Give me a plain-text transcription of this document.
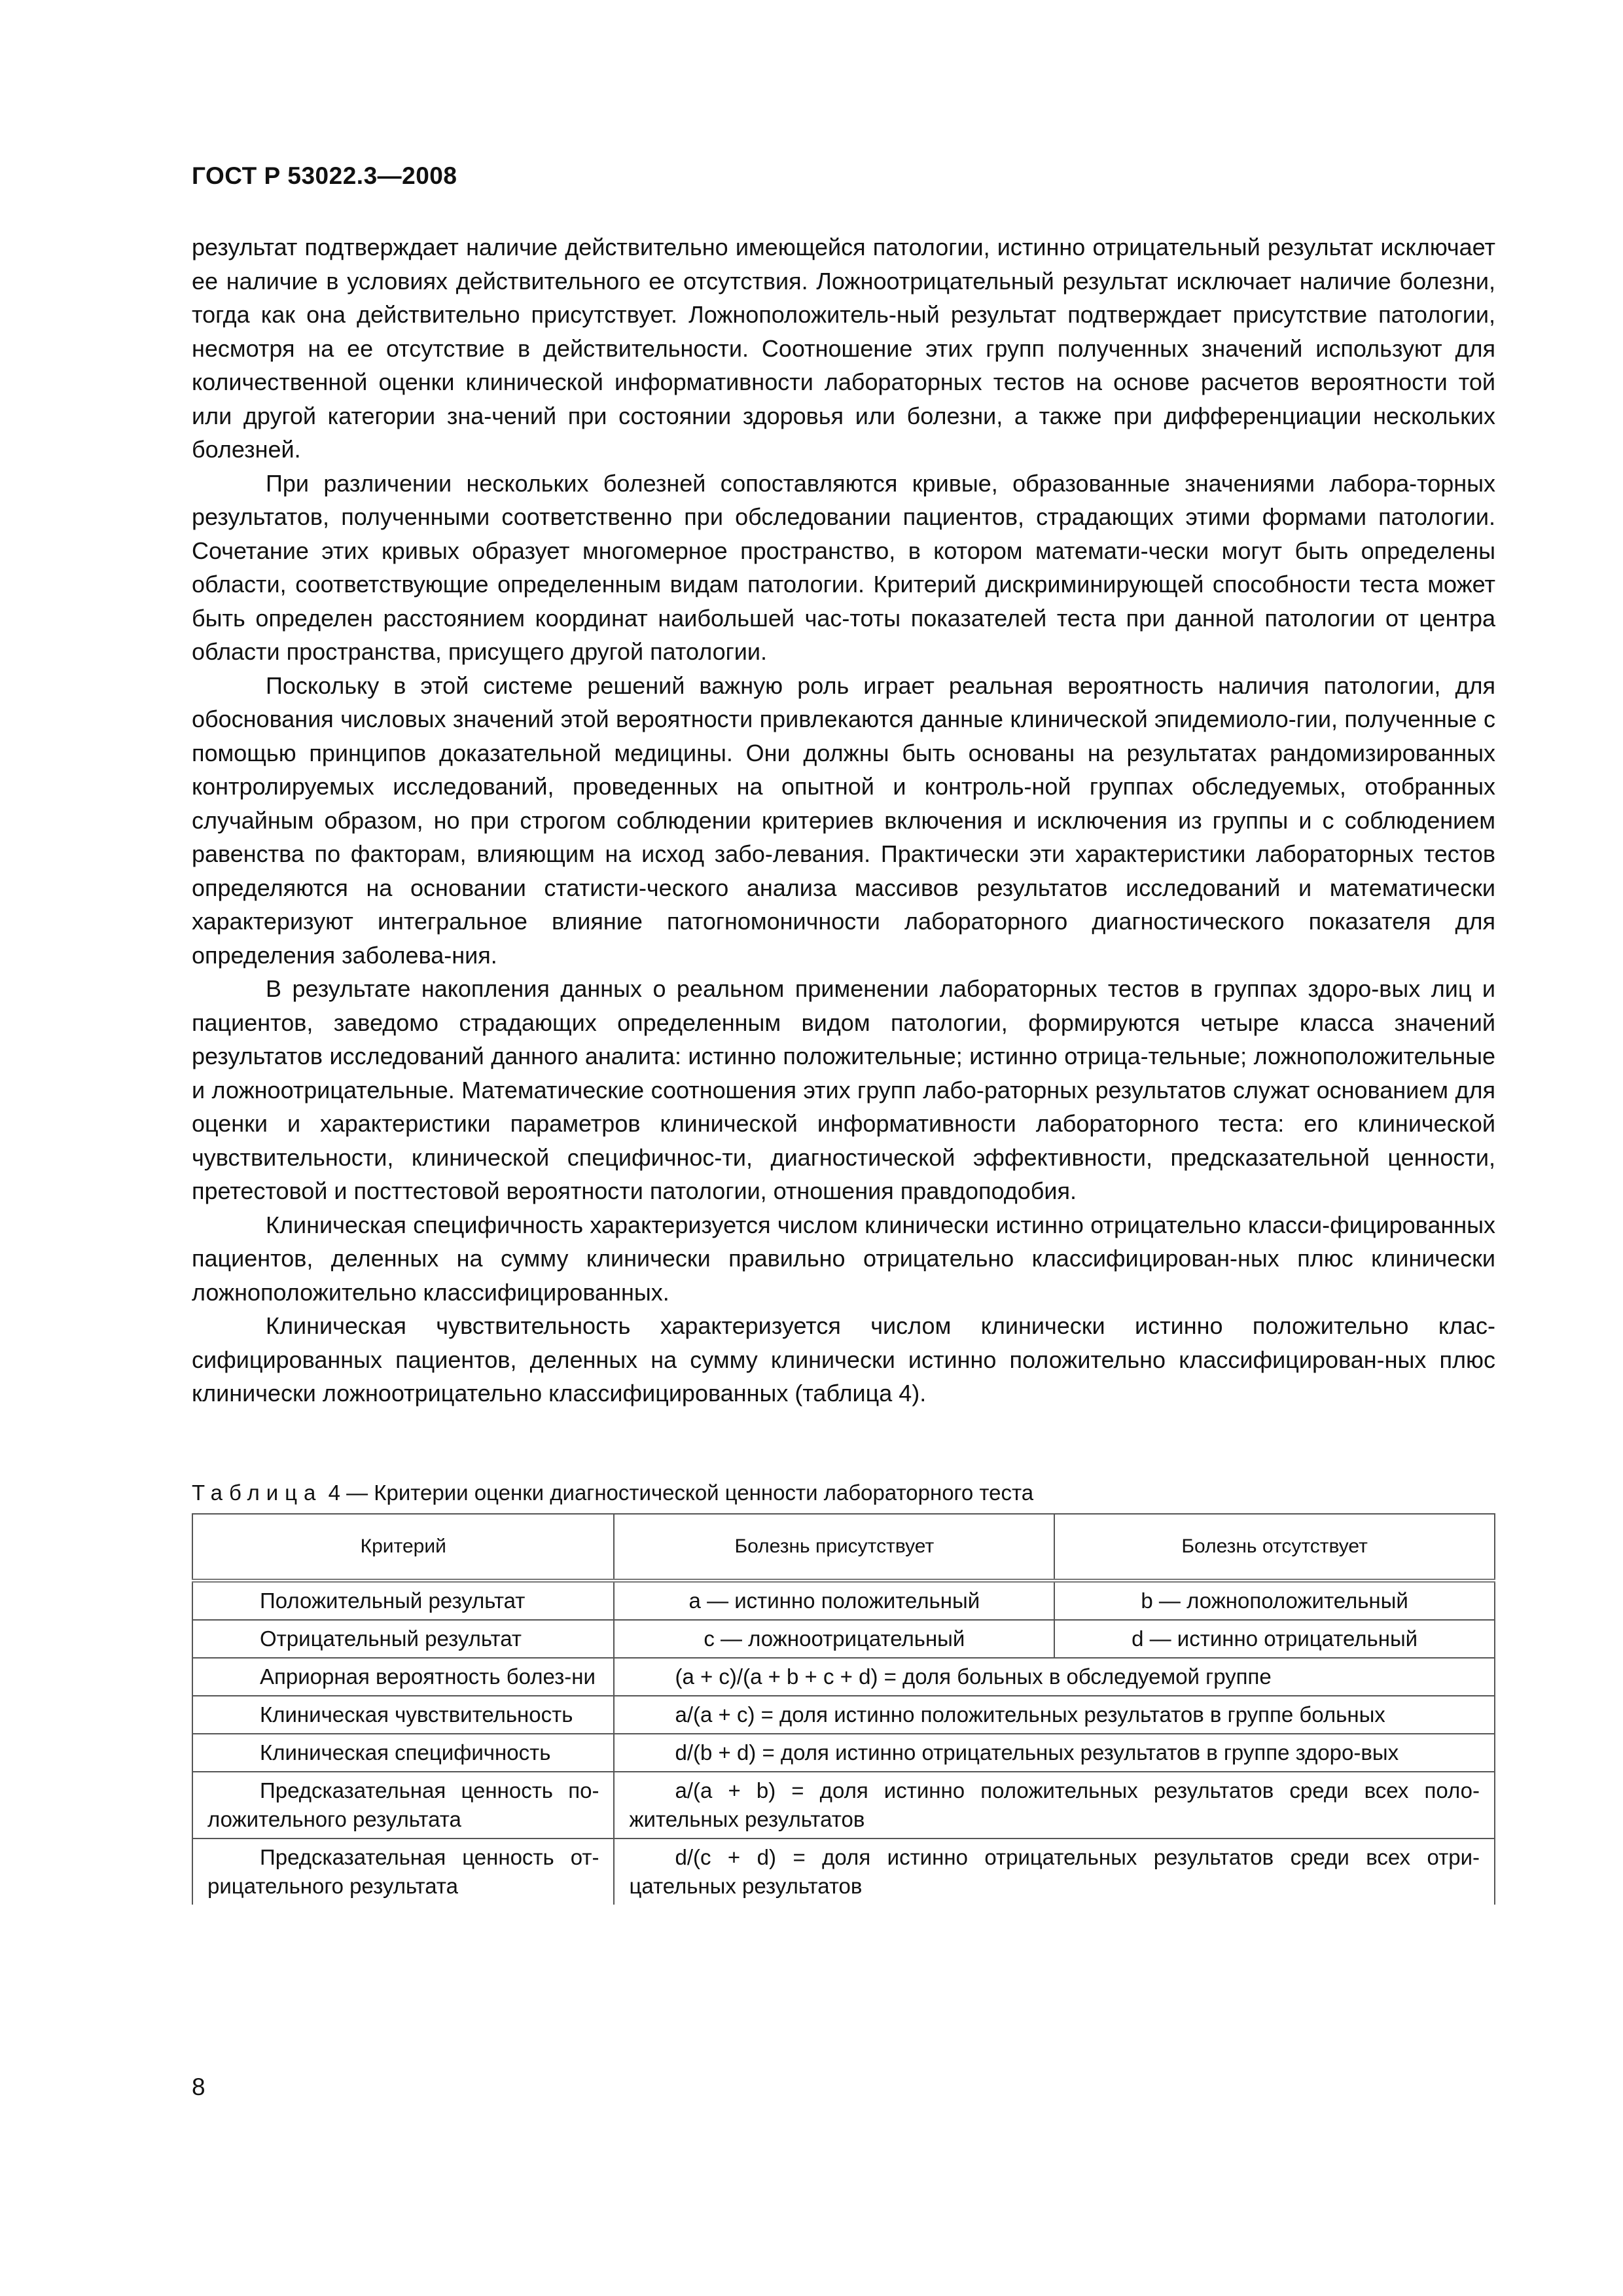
ГОСТ Р 53022.3—2008

результат подтверждает наличие действительно имеющейся патологии, истинно отрицательный результат исключает ее наличие в условиях действительного ее отсутствия. Ложноотрицательный результат исключает наличие болезни, тогда как она действительно присутствует. Ложноположитель-ный результат подтверждает присутствие патологии, несмотря на ее отсутствие в действительности. Соотношение этих групп полученных значений используют для количественной оценки клинической информативности лабораторных тестов на основе расчетов вероятности той или другой категории зна-чений при состоянии здоровья или болезни, а также при дифференциации нескольких болезней.

При различении нескольких болезней сопоставляются кривые, образованные значениями лабора-торных результатов, полученными соответственно при обследовании пациентов, страдающих этими формами патологии. Сочетание этих кривых образует многомерное пространство, в котором математи-чески могут быть определены области, соответствующие определенным видам патологии. Критерий дискриминирующей способности теста может быть определен расстоянием координат наибольшей час-тоты показателей теста при данной патологии от центра области пространства, присущего другой патологии.

Поскольку в этой системе решений важную роль играет реальная вероятность наличия патологии, для обоснования числовых значений этой вероятности привлекаются данные клинической эпидемиоло-гии, полученные с помощью принципов доказательной медицины. Они должны быть основаны на результатах рандомизированных контролируемых исследований, проведенных на опытной и контроль-ной группах обследуемых, отобранных случайным образом, но при строгом соблюдении критериев включения и исключения из группы и с соблюдением равенства по факторам, влияющим на исход забо-левания. Практически эти характеристики лабораторных тестов определяются на основании статисти-ческого анализа массивов результатов исследований и математически характеризуют интегральное влияние патогномоничности лабораторного диагностического показателя для определения заболева-ния.

В результате накопления данных о реальном применении лабораторных тестов в группах здоро-вых лиц и пациентов, заведомо страдающих определенным видом патологии, формируются четыре класса значений результатов исследований данного аналита: истинно положительные; истинно отрица-тельные; ложноположительные и ложноотрицательные. Математические соотношения этих групп лабо-раторных результатов служат основанием для оценки и характеристики параметров клинической информативности лабораторного теста: его клинической чувствительности, клинической специфичнос-ти, диагностической эффективности, предсказательной ценности, претестовой и посттестовой вероятности патологии, отношения правдоподобия.

Клиническая специфичность характеризуется числом клинически истинно отрицательно класси-фицированных пациентов, деленных на сумму клинически правильно отрицательно классифицирован-ных плюс клинически ложноположительно классифицированных.

Клиническая чувствительность характеризуется числом клинически истинно положительно клас-сифицированных пациентов, деленных на сумму клинически истинно положительно классифицирован-ных плюс клинически ложноотрицательно классифицированных (таблица 4).

Таблица 4 — Критерии оценки диагностической ценности лабораторного теста
Критерий	Болезнь присутствует	Болезнь отсутствует

Положительный результат	a — истинно положительный	b — ложноположительный

Отрицательный результат	c — ложноотрицательный	d — истинно отрицательный

Априорная вероятность болез-ни	(a + c)/(a + b + c + d) = доля больных в обследуемой группе	

Клиническая чувствительность	a/(a + c) = доля истинно положительных результатов в группе больных	

Клиническая специфичность	d/(b + d) = доля истинно отрицательных результатов в группе здоро-вых	

Предсказательная ценность по-ложительного результата	a/(a + b) = доля истинно положительных результатов среди всех поло-жительных результатов	

Предсказательная ценность от-рицательного результата	d/(c + d) = доля истинно отрицательных результатов среди всех отри-цательных результатов	
8
